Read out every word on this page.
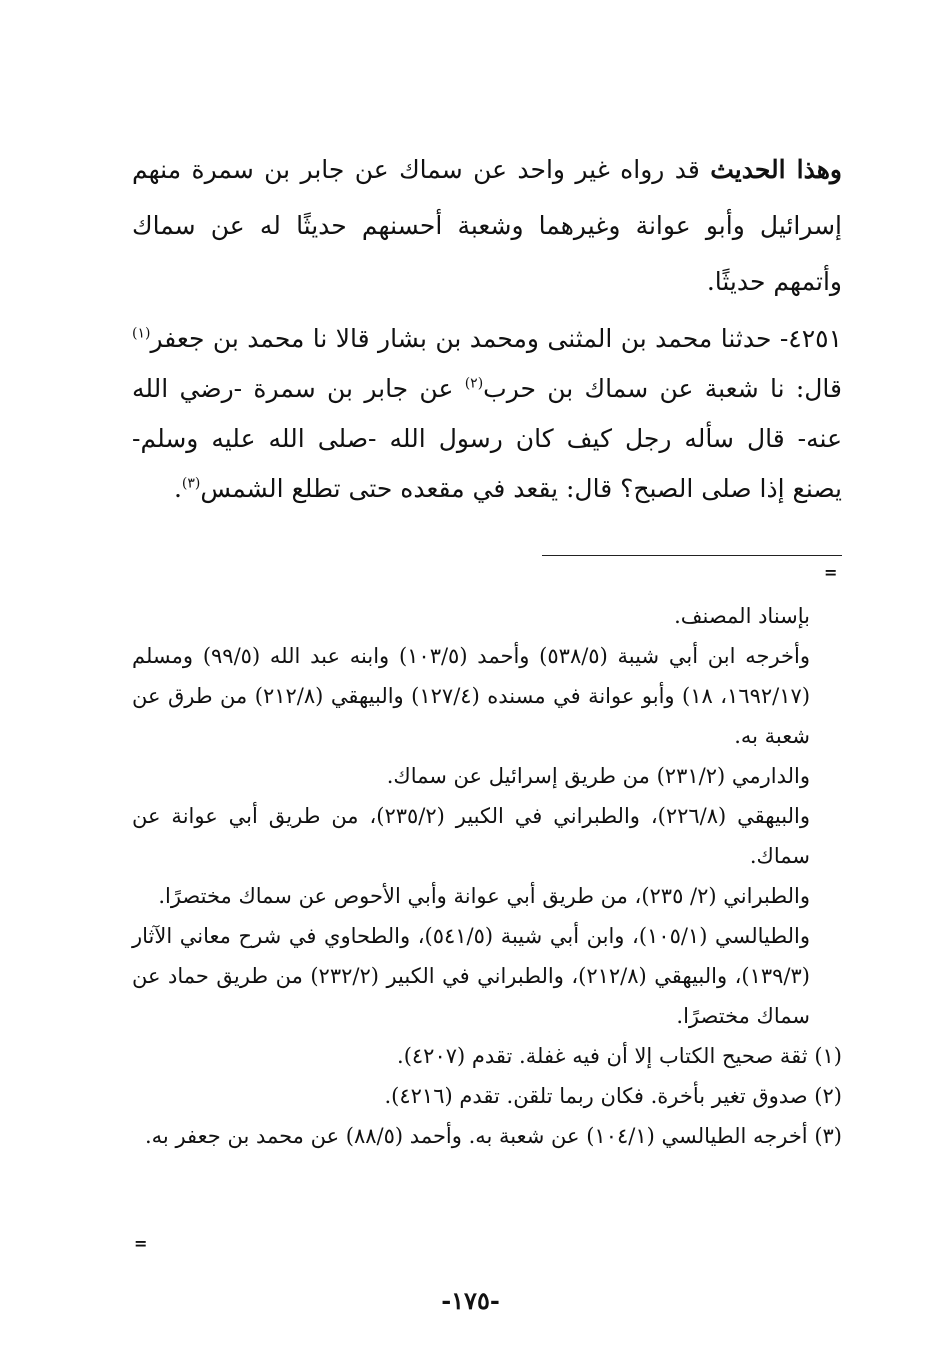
وهذا الحديث قد رواه غير واحد عن سماك عن جابر بن سمرة منهم إسرائيل وأبو عوانة وغيرهما وشعبة أحسنهم حديثًا له عن سماك وأتمهم حديثًا.
٤٢٥١- حدثنا محمد بن المثنى ومحمد بن بشار قالا نا محمد بن جعفر$^{(١)}$ قال: نا شعبة عن سماك بن حرب$^{(٢)}$ عن جابر بن سمرة -رضي الله عنه- قال سأله رجل كيف كان رسول الله -صلى الله عليه وسلم- يصنع إذا صلى الصبح؟ قال: يقعد في مقعده حتى تطلع الشمس$^{(٣)}$.
=

بإسناد المصنف.

وأخرجه ابن أبي شيبة (٥٣٨/٥) وأحمد (١٠٣/٥) وابنه عبد الله (٩٩/٥) ومسلم (١٦٩٢/١٧، ١٨) وأبو عوانة في مسنده (١٢٧/٤) والبيهقي (٢١٢/٨) من طرق عن شعبة به.

والدارمي (٢٣١/٢) من طريق إسرائيل عن سماك.

والبيهقي (٢٢٦/٨)، والطبراني في الكبير (٢٣٥/٢)، من طريق أبي عوانة عن سماك.

والطبراني (٢/ ٢٣٥)، من طريق أبي عوانة وأبي الأحوص عن سماك مختصرًا.

والطيالسي (١٠٥/١)، وابن أبي شيبة (٥٤١/٥)، والطحاوي في شرح معاني الآثار (١٣٩/٣)، والبيهقي (٢١٢/٨)، والطبراني في الكبير (٢٣٢/٢) من طريق حماد عن سماك مختصرًا.

(١) ثقة صحيح الكتاب إلا أن فيه غفلة. تقدم (٤٢٠٧).

(٢) صدوق تغير بأخرة. فكان ربما تلقن. تقدم (٤٢١٦).

(٣) أخرجه الطيالسي (١٠٤/١) عن شعبة به. وأحمد (٨٨/٥) عن محمد بن جعفر به.

=
-١٧٥-
